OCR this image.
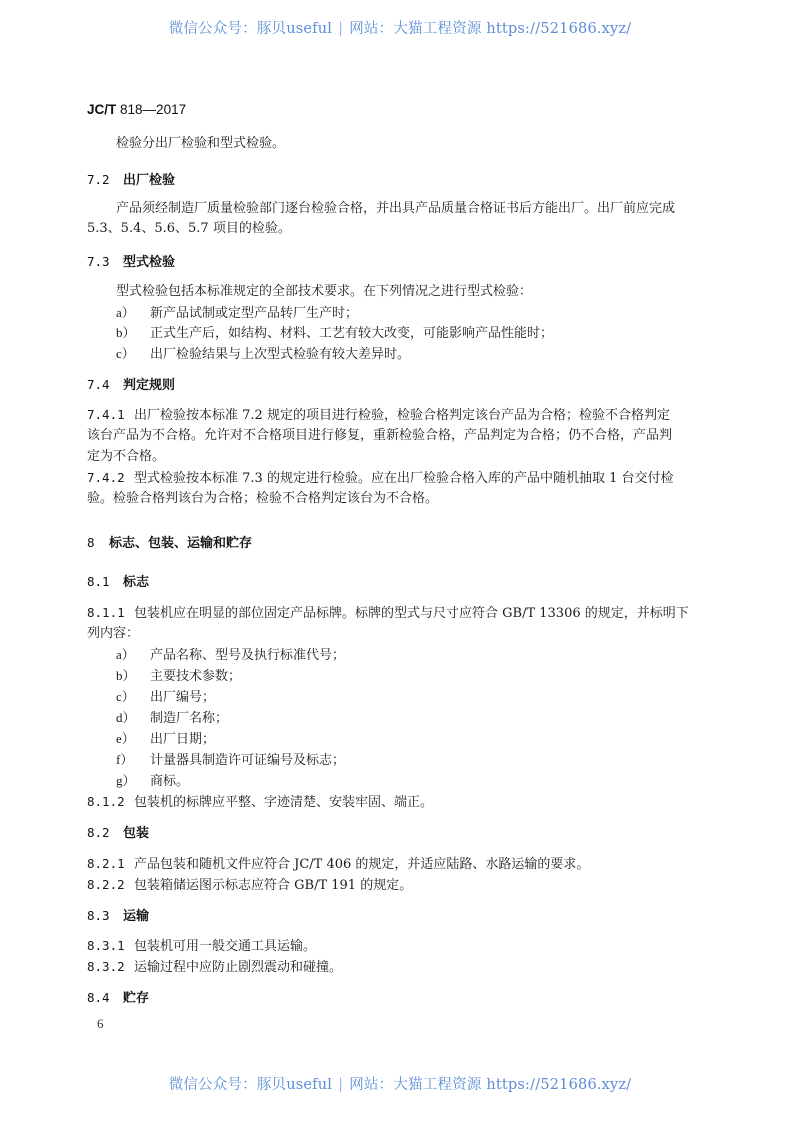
微信公众号：豚贝useful | 网站：大猫工程资源 https://521686.xyz/
JC/T 818—2017
检验分出厂检验和型式检验。
7.2 出厂检验
产品须经制造厂质量检验部门逐台检验合格，并出具产品质量合格证书后方能出厂。出厂前应完成
5.3、5.4、5.6、5.7 项目的检验。
7.3 型式检验
型式检验包括本标准规定的全部技术要求。在下列情况之进行型式检验：
a） 新产品试制或定型产品转厂生产时；
b） 正式生产后，如结构、材料、工艺有较大改变，可能影响产品性能时；
c） 出厂检验结果与上次型式检验有较大差异时。
7.4 判定规则
7.4.1 出厂检验按本标准 7.2 规定的项目进行检验，检验合格判定该台产品为合格；检验不合格判定
该台产品为不合格。允许对不合格项目进行修复，重新检验合格，产品判定为合格；仍不合格，产品判
定为不合格。
7.4.2 型式检验按本标准 7.3 的规定进行检验。应在出厂检验合格入库的产品中随机抽取 1 台交付检
验。检验合格判该台为合格；检验不合格判定该台为不合格。
8 标志、包装、运输和贮存
8.1 标志
8.1.1 包装机应在明显的部位固定产品标牌。标牌的型式与尺寸应符合 GB/T 13306 的规定，并标明下
列内容：
a） 产品名称、型号及执行标准代号；
b） 主要技术参数；
c） 出厂编号；
d） 制造厂名称；
e） 出厂日期；
f） 计量器具制造许可证编号及标志；
g） 商标。
8.1.2 包装机的标牌应平整、字迹清楚、安装牢固、端正。
8.2 包装
8.2.1 产品包装和随机文件应符合 JC/T 406 的规定，并适应陆路、水路运输的要求。
8.2.2 包装箱储运图示标志应符合 GB/T 191 的规定。
8.3 运输
8.3.1 包装机可用一般交通工具运输。
8.3.2 运输过程中应防止剧烈震动和碰撞。
8.4 贮存
6
微信公众号：豚贝useful | 网站：大猫工程资源 https://521686.xyz/
